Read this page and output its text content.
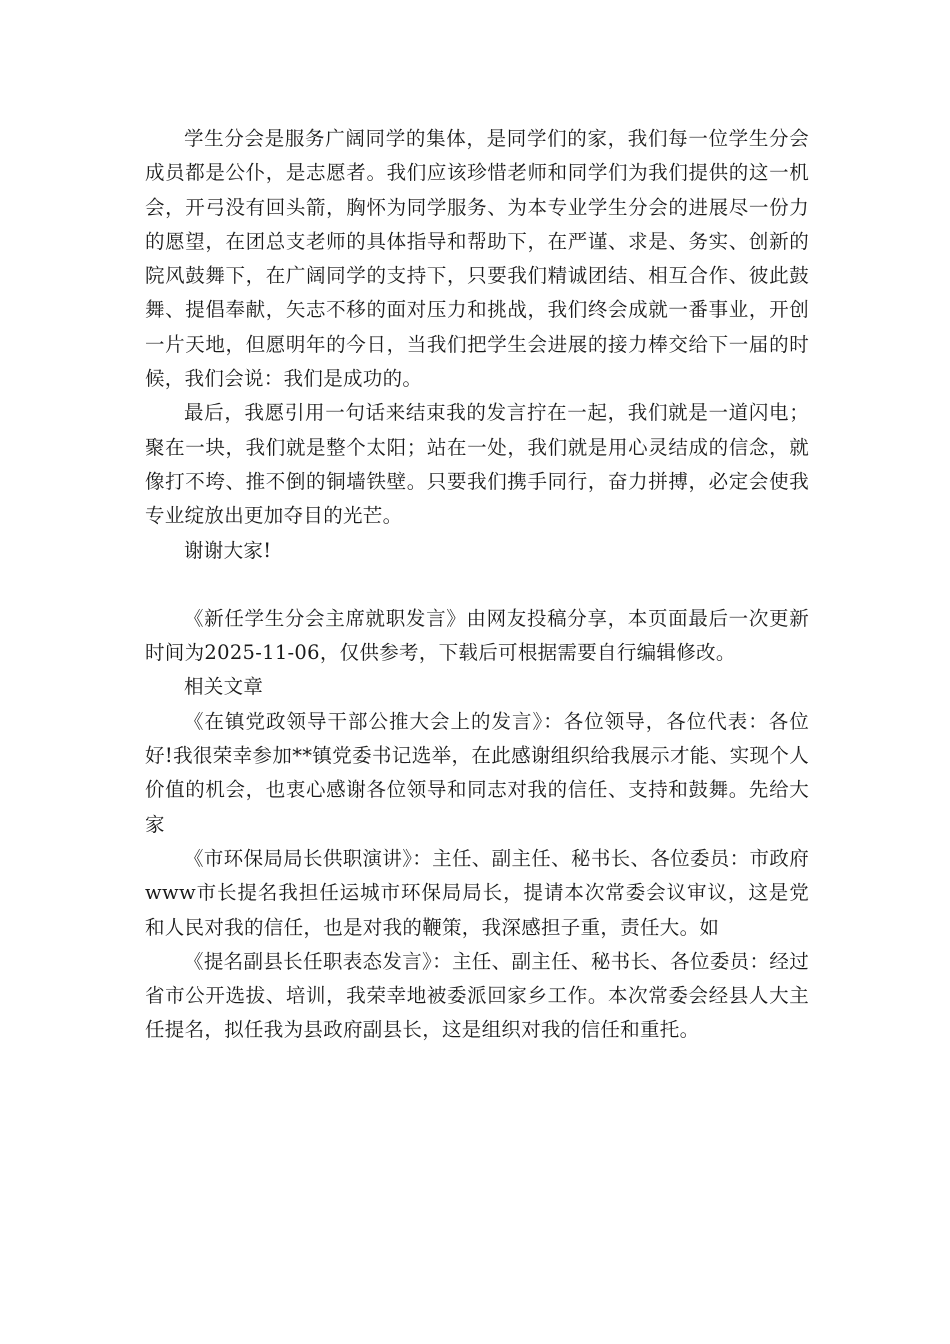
学生分会是服务广阔同学的集体，是同学们的家，我们每一位学生分会成员都是公仆，是志愿者。我们应该珍惜老师和同学们为我们提供的这一机会，开弓没有回头箭，胸怀为同学服务、为本专业学生分会的进展尽一份力的愿望，在团总支老师的具体指导和帮助下，在严谨、求是、务实、创新的院风鼓舞下，在广阔同学的支持下，只要我们精诚团结、相互合作、彼此鼓舞、提倡奉献，矢志不移的面对压力和挑战，我们终会成就一番事业，开创一片天地，但愿明年的今日，当我们把学生会进展的接力棒交给下一届的时候，我们会说：我们是成功的。

最后，我愿引用一句话来结束我的发言拧在一起，我们就是一道闪电；聚在一块，我们就是整个太阳；站在一处，我们就是用心灵结成的信念，就像打不垮、推不倒的铜墙铁壁。只要我们携手同行，奋力拼搏，必定会使我专业绽放出更加夺目的光芒。

谢谢大家!

《新任学生分会主席就职发言》由网友投稿分享，本页面最后一次更新时间为2025-11-06，仅供参考，下载后可根据需要自行编辑修改。

相关文章

《在镇党政领导干部公推大会上的发言》：各位领导，各位代表：各位好!我很荣幸参加**镇党委书记选举，在此感谢组织给我展示才能、实现个人价值的机会，也衷心感谢各位领导和同志对我的信任、支持和鼓舞。先给大家

《市环保局局长供职演讲》：主任、副主任、秘书长、各位委员：市政府www市长提名我担任运城市环保局局长，提请本次常委会议审议，这是党和人民对我的信任，也是对我的鞭策，我深感担子重，责任大。如

《提名副县长任职表态发言》：主任、副主任、秘书长、各位委员：经过省市公开选拔、培训，我荣幸地被委派回家乡工作。本次常委会经县人大主任提名，拟任我为县政府副县长，这是组织对我的信任和重托。
